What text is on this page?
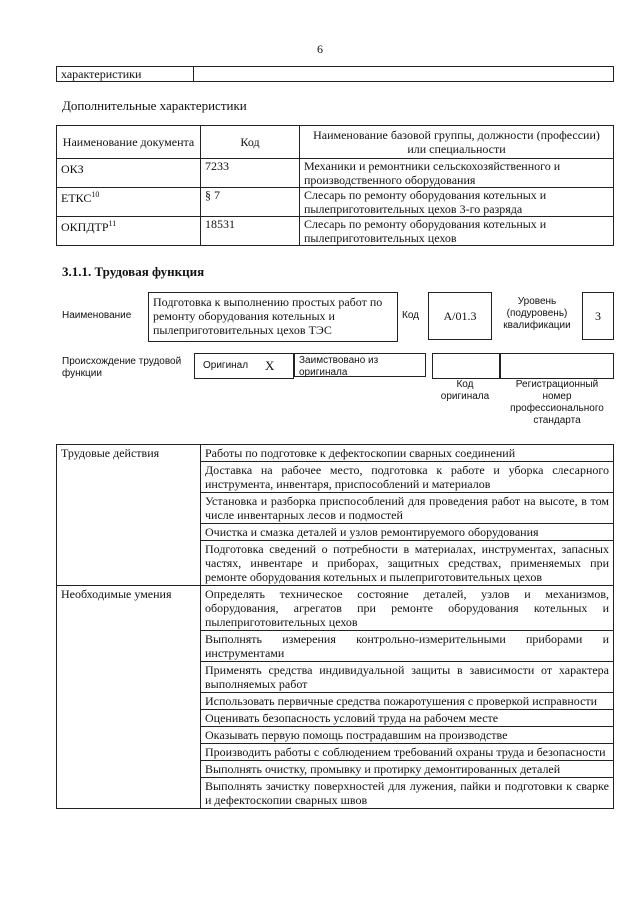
6
характеристики	
Дополнительные характеристики
Наименование документа	Код	Наименование базовой группы, должности (профессии) или специальности
ОКЗ	7233	Механики и ремонтники сельскохозяйственного и производственного оборудования
ЕТКС$^{10}$	§ 7	Слесарь по ремонту оборудования котельных и пылеприготовительных цехов 3-го разряда
ОКПДТР$^{11}$	18531	Слесарь по ремонту оборудования котельных и пылеприготовительных цехов
3.1.1. Трудовая функция
Наименование
Подготовка к выполнению простых работ по ремонту оборудования котельных и пылеприготовительных цехов ТЭС
Код	A/01.3
Уровень (подуровень) квалификации
3
Происхождение трудовой функции
Оригинал X	Заимствовано из оригинала
Код оригинала
Регистрационный номер профессионального стандарта
Трудовые действия	Работы по подготовке к дефектоскопии сварных соединений
	Доставка на рабочее место, подготовка к работе и уборка слесарного инструмента, инвентаря, приспособлений и материалов
	Установка и разборка приспособлений для проведения работ на высоте, в том числе инвентарных лесов и подмостей
	Очистка и смазка деталей и узлов ремонтируемого оборудования
	Подготовка сведений о потребности в материалах, инструментах, запасных частях, инвентаре и приборах, защитных средствах, применяемых при ремонте оборудования котельных и пылеприготовительных цехов
Необходимые умения	Определять техническое состояние деталей, узлов и механизмов, оборудования, агрегатов при ремонте оборудования котельных и пылеприготовительных цехов
	Выполнять измерения контрольно-измерительными приборами и инструментами
	Применять средства индивидуальной защиты в зависимости от характера выполняемых работ
	Использовать первичные средства пожаротушения с проверкой исправности
	Оценивать безопасность условий труда на рабочем месте
	Оказывать первую помощь пострадавшим на производстве
	Производить работы с соблюдением требований охраны труда и безопасности
	Выполнять очистку, промывку и протирку демонтированных деталей
	Выполнять зачистку поверхностей для лужения, пайки и подготовки к сварке и дефектоскопии сварных швов
